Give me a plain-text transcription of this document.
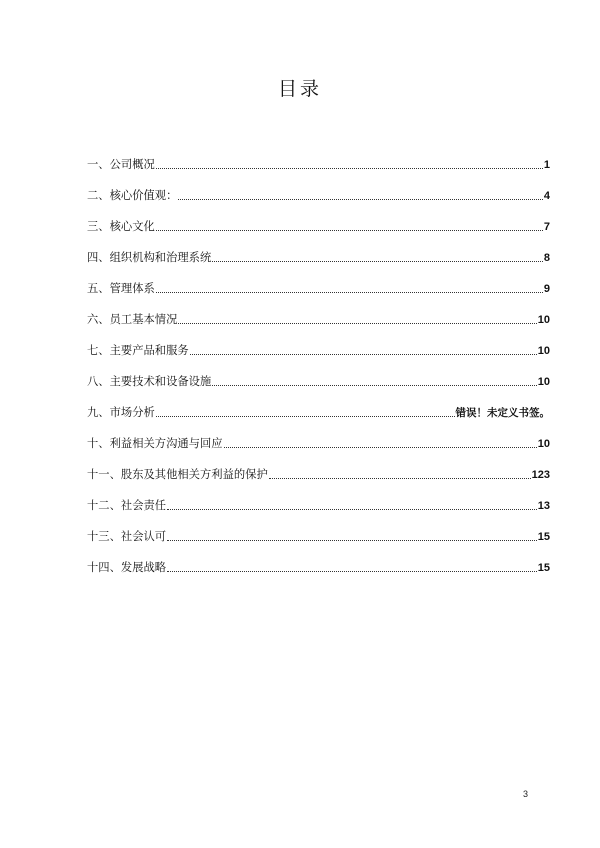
目录
一、公司概况	1
二、核心价值观：	4
三、核心文化	7
四、组织机构和治理系统	8
五、管理体系	9
六、员工基本情况	10
七、主要产品和服务	10
八、主要技术和设备设施	10
九、市场分析	错误！未定义书签。
十、利益相关方沟通与回应	10
十一、股东及其他相关方利益的保护	123
十二、社会责任	13
十三、社会认可	15
十四、发展战略	15
3
